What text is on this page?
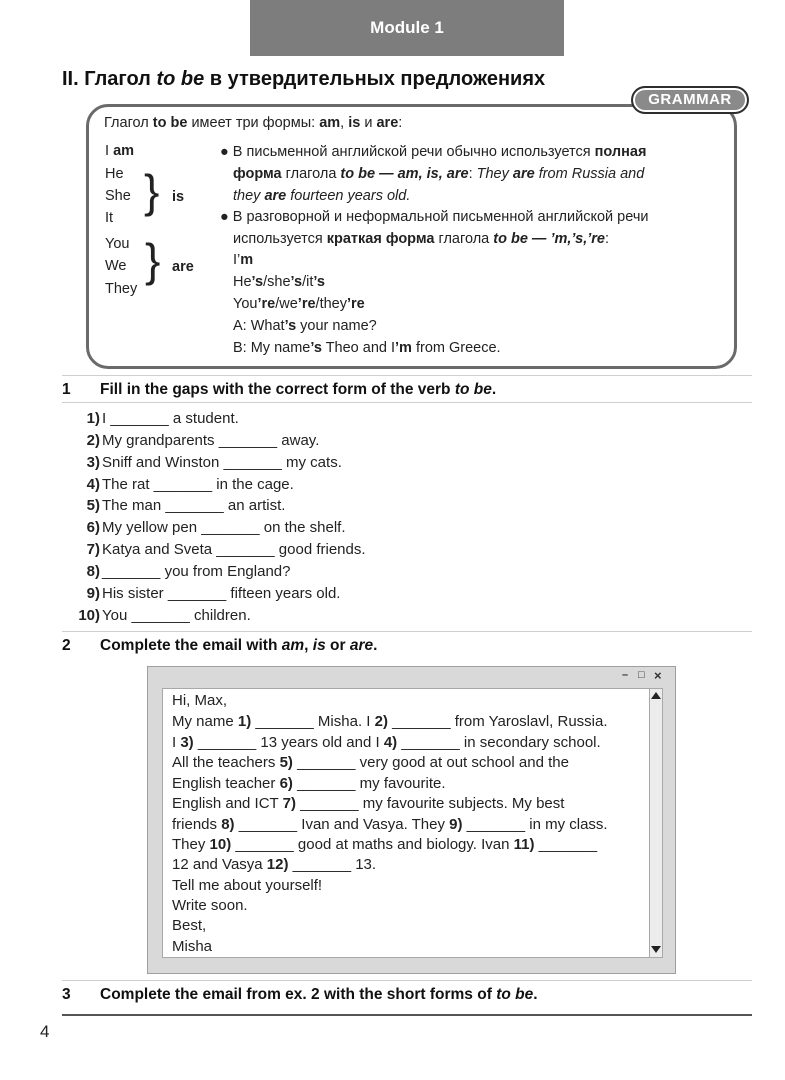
Module 1
II. Глагол to be в утвердительных предложениях
GRAMMAR
Глагол to be имеет три формы: am, is и are:
I am
He
She
It
} is
You
We
They
} are
● В письменной английской речи обычно используется полная
форма глагола to be — am, is, are: They are from Russia and
they are fourteen years old.
● В разговорной и неформальной письменной английской речи
используется краткая форма глагола to be — ’m,’s,’re:
I’m
He’s/she’s/it’s
You’re/we’re/they’re
A: What’s your name?
B: My name’s Theo and I’m from Greece.
1 Fill in the gaps with the correct form of the verb to be.
1) I _______ a student.
2) My grandparents _______ away.
3) Sniff and Winston _______ my cats.
4) The rat _______ in the cage.
5) The man _______ an artist.
6) My yellow pen _______ on the shelf.
7) Katya and Sveta _______ good friends.
8) _______ you from England?
9) His sister _______ fifteen years old.
10) You _______ children.
2 Complete the email with am, is or are.
– □ ×
Hi, Max,
My name 1) _______ Misha. I 2) _______ from Yaroslavl, Russia.
I 3) _______ 13 years old and I 4) _______ in secondary school.
All the teachers 5) _______ very good at out school and the
English teacher 6) _______ my favourite.
English and ICT 7) _______ my favourite subjects. My best
friends 8) _______ Ivan and Vasya. They 9) _______ in my class.
They 10) _______ good at maths and biology. Ivan 11) _______
12 and Vasya 12) _______ 13.
Tell me about yourself!
Write soon.
Best,
Misha
3 Complete the email from ex. 2 with the short forms of to be.
4
